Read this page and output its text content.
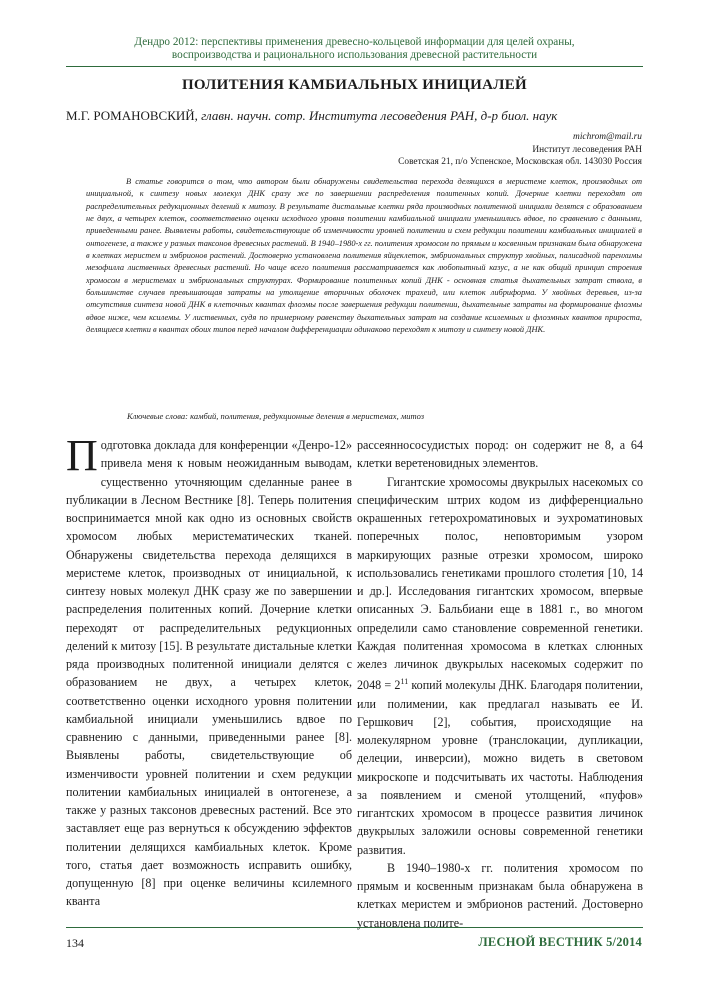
Дендро 2012: перспективы применения древесно-кольцевой информации для целей охраны,
воспроизводства и рационального использования древесной растительности
ПОЛИТЕНИЯ КАМБИАЛЬНЫХ ИНИЦИАЛЕЙ
М.Г. РОМАНОВСКИЙ, главн. научн. сотр. Института лесоведения РАН, д-р биол. наук
michrom@mail.ru
Институт лесоведения РАН
Советская 21, п/о Успенское, Московская обл. 143030 Россия

В статье говорится о том, что автором были обнаружены свидетельства перехода делящихся в меристеме клеток, производных от инициальной, к синтезу новых молекул ДНК сразу же по завершении распределения политенных копий. Дочерние клетки переходят от распределительных редукционных делений к митозу. В результате дистальные клетки ряда производных политенной инициали делятся с образованием не двух, а четырех клеток, соответственно оценки исходного уровня политении камбиальной инициали уменьшились вдвое, по сравнению с данными, приведенными ранее. Выявлены работы, свидетельствующие об изменчивости уровней политении и схем редукции политении камбиальных инициалей в онтогенезе, а также у разных таксонов древесных растений. В 1940–1980-х гг. политения хромосом по прямым и косвенным признакам была обнаружена в клетках меристем и эмбрионов растений. Достоверно установлена политения яйцеклеток, эмбриональных структур хвойных, палисадной паренхимы мезофилла лиственных древесных растений. Но чаще всего политения рассматривается как любопытный казус, а не как общий принцип строения хромосом в меристемах и эмбриональных структурах. Формирование политенных копий ДНК - основная статья дыхательных затрат ствола, в большинстве случаев превышающая затраты на утолщение вторичных оболочек трахеид, или клеток либриформа. У хвойных деревьев, из-за отсутствия синтеза новой ДНК в клеточных квантах флоэмы после завершения редукции политении, дыхательные затраты на формирование флоэмы вдвое ниже, чем ксилемы. У лиственных, судя по примерному равенству дыхательных затрат на создание ксилемных и флоэмных квантов прироста, делящиеся клетки в квантах обоих типов перед началом дифференциации одинаково переходят к митозу и синтезу новой ДНК.

Ключевые слова: камбий, политения, редукционные деления в меристемах, митоз

Подготовка доклада для конференции «Денро-12» привела меня к новым неожиданным выводам, существенно уточняющим сделанные ранее в публикации в Лесном Вестнике [8]. Теперь политения воспринимается мной как одно из основных свойств хромосом любых меристематических тканей. Обнаружены свидетельства перехода делящихся в меристеме клеток, производных от инициальной, к синтезу новых молекул ДНК сразу же по завершении распределения политенных копий. Дочерние клетки переходят от распределительных редукционных делений к митозу [15]. В результате дистальные клетки ряда производных политенной инициали делятся с образованием не двух, а четырех клеток, соответственно оценки исходного уровня политении камбиальной инициали уменьшились вдвое по сравнению с данными, приведенными ранее [8]. Выявлены работы, свидетельствующие об изменчивости уровней политении и схем редукции политении камбиальных инициалей в онтогенезе, а также у разных таксонов древесных растений. Все это заставляет еще раз вернуться к обсуждению эффектов политении делящихся камбиальных клеток. Кроме того, статья дает возможность исправить ошибку, допущенную [8] при оценке величины ксилемного кванта

рассеяннососудистых пород: он содержит не 8, а 64 клетки веретеновидных элементов.

Гигантские хромосомы двукрылых насекомых со специфическим штрих кодом из дифференциально окрашенных гетерохроматиновых и эухроматиновых поперечных полос, неповторимым узором маркирующих разные отрезки хромосом, широко использовались генетиками прошлого столетия [10, 14 и др.]. Исследования гигантских хромосом, впервые описанных Э. Бальбиани еще в 1881 г., во многом определили само становление современной генетики. Каждая политенная хромосома в клетках слюнных желез личинок двукрылых насекомых содержит по $2048 = 2^{11}$ копий молекулы ДНК. Благодаря политении, или полимении, как предлагал называть ее И. Гершкович [2], события, происходящие на молекулярном уровне (транслокации, дупликации, делеции, инверсии), можно видеть в световом микроскопе и подсчитывать их частоты. Наблюдения за появлением и сменой утолщений, «пуфов» гигантских хромосом в процессе развития личинок двукрылых заложили основы современной генетики развития.

В 1940–1980-х гг. политения хромосом по прямым и косвенным признакам была обнаружена в клетках меристем и эмбрионов растений. Достоверно установлена полите-

134	ЛЕСНОЙ ВЕСТНИК 5/2014
